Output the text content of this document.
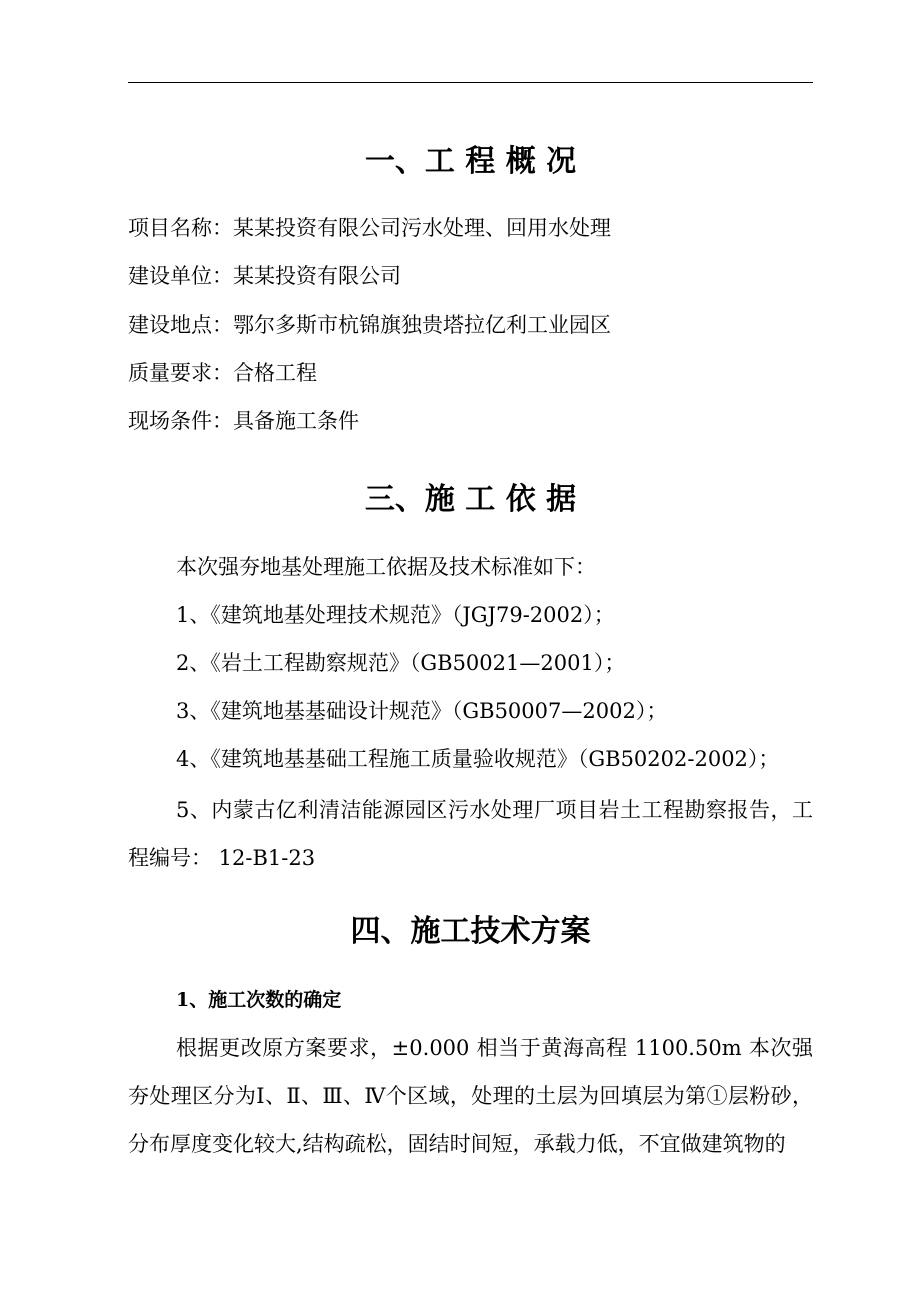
一、工 程 概 况

项目名称：某某投资有限公司污水处理、回用水处理

建设单位：某某投资有限公司

建设地点：鄂尔多斯市杭锦旗独贵塔拉亿利工业园区

质量要求：合格工程

现场条件：具备施工条件

三、施 工 依 据

本次强夯地基处理施工依据及技术标准如下：

1、《建筑地基处理技术规范》（JGJ79-2002）；

2、《岩土工程勘察规范》（GB50021—2001）；

3、《建筑地基基础设计规范》（GB50007—2002）；

4、《建筑地基基础工程施工质量验收规范》（GB50202-2002）；

5、内蒙古亿利清洁能源园区污水处理厂项目岩土工程勘察报告，工程编号： 12-B1-23

四、施工技术方案

1、施工次数的确定

根据更改原方案要求，±0.000 相当于黄海高程 1100.50m 本次强夯处理区分为Ⅰ、Ⅱ、Ⅲ、Ⅳ个区域，处理的土层为回填层为第①层粉砂，分布厚度变化较大,结构疏松，固结时间短，承载力低，不宜做建筑物的
